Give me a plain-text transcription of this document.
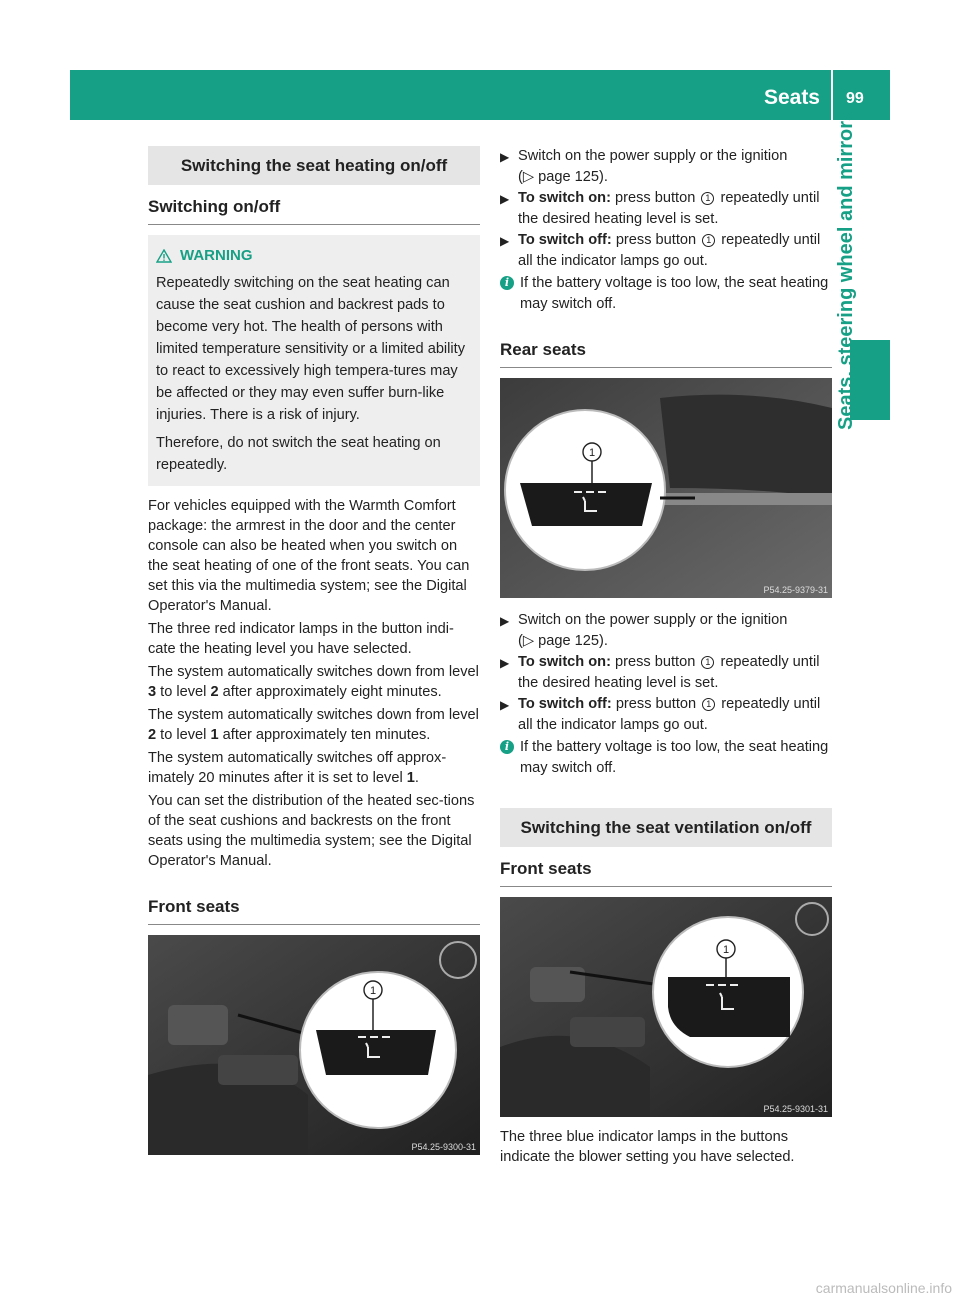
Seats 99
Seats, steering wheel and mirrors
Switching the seat heating on/off
Switching on/off
WARNING
Repeatedly switching on the seat heating can cause the seat cushion and backrest pads to become very hot. The health of persons with limited temperature sensitivity or a limited ability to react to excessively high tempera-tures may be affected or they may even suffer burn-like injuries. There is a risk of injury.
Therefore, do not switch the seat heating on repeatedly.

For vehicles equipped with the Warmth Comfort package: the armrest in the door and the center console can also be heated when you switch on the seat heating of one of the front seats. You can set this via the multimedia system; see the Digital Operator's Manual.

The three red indicator lamps in the button indi-cate the heating level you have selected.

The system automatically switches down from level 3 to level 2 after approximately eight minutes.

The system automatically switches down from level 2 to level 1 after approximately ten minutes.

The system automatically switches off approx-imately 20 minutes after it is set to level 1.

You can set the distribution of the heated sec-tions of the seat cushions and backrests on the front seats using the multimedia system; see the Digital Operator's Manual.

Front seats
1
P54.25-9300-31
▶ Switch on the power supply or the ignition
(▷ page 125).
▶ To switch on: press button 1 repeatedly until the desired heating level is set.
▶ To switch off: press button 1 repeatedly until all the indicator lamps go out.
i If the battery voltage is too low, the seat heating may switch off.
Rear seats
1
P54.25-9379-31
▶ Switch on the power supply or the ignition
(▷ page 125).
▶ To switch on: press button 1 repeatedly until the desired heating level is set.
▶ To switch off: press button 1 repeatedly until all the indicator lamps go out.
i If the battery voltage is too low, the seat heating may switch off.
Switching the seat ventilation on/off
Front seats
1
P54.25-9301-31

The three blue indicator lamps in the buttons indicate the blower setting you have selected.

carmanualsonline.info
